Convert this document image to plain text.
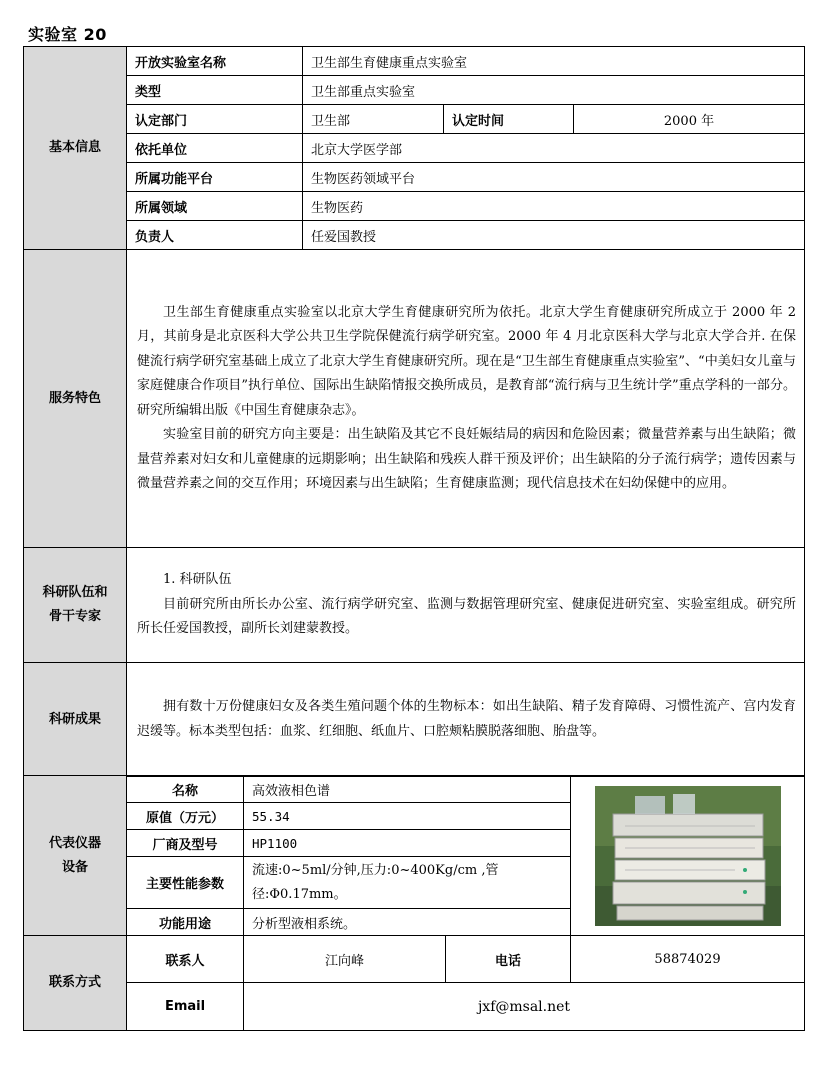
实验室 20
基本信息	开放实验室名称	卫生部生育健康重点实验室		
	类型	卫生部重点实验室		
	认定部门	卫生部	认定时间	2000 年
	依托单位	北京大学医学部		
	所属功能平台	生物医药领域平台		
	所属领域	生物医药		
	负责人	任爱国教授		
服务特色	卫生部生育健康重点实验室以北京大学生育健康研究所为依托。北京大学生育健康研究所成立于 2000 年 2 月，其前身是北京医科大学公共卫生学院保健流行病学研究室。2000 年 4 月北京医科大学与北京大学合并. 在保健流行病学研究室基础上成立了北京大学生育健康研究所。现在是“卫生部生育健康重点实验室”、“中美妇女儿童与家庭健康合作项目”执行单位、国际出生缺陷情报交换所成员，是教育部“流行病与卫生统计学”重点学科的一部分。研究所编辑出版《中国生育健康杂志》。

实验室目前的研究方向主要是：出生缺陷及其它不良妊娠结局的病因和危险因素；微量营养素与出生缺陷；微量营养素对妇女和儿童健康的远期影响；出生缺陷和残疾人群干预及评价；出生缺陷的分子流行病学；遗传因素与微量营养素之间的交互作用；环境因素与出生缺陷；生育健康监测；现代信息技术在妇幼保健中的应用。			

科研队伍和骨干专家	1. 科研队伍

目前研究所由所长办公室、流行病学研究室、监测与数据管理研究室、健康促进研究室、实验室组成。研究所所长任爱国教授，副所长刘建蒙教授。			

科研成果	拥有数十万份健康妇女及各类生殖问题个体的生物标本：如出生缺陷、精子发育障碍、习惯性流产、宫内发育迟缓等。标本类型包括：血浆、红细胞、纸血片、口腔颊粘膜脱落细胞、胎盘等。			

代表仪器设备	名称	高效液相色谱	

	原值（万元）	55.34		
	厂商及型号	HP1100		
	主要性能参数	流速:0~5ml/分钟,压力:0~400Kg/cm ,管径:Φ0.17mm。		
	功能用途	分析型液相系统。		
联系方式	联系人	江向峰	电话	58874029
	Email	jxf@msal.net		
